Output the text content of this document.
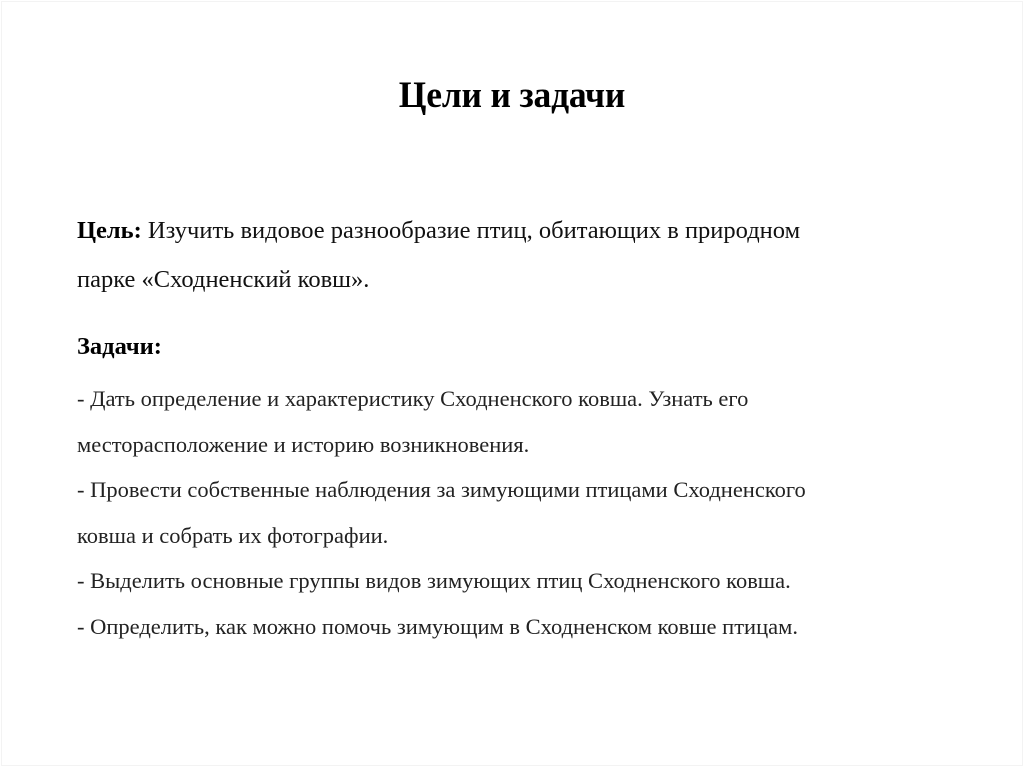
Цели и задачи

Цель: Изучить видовое разнообразие птиц, обитающих в природном
парке «Сходненский ковш».

Задачи:
- Дать определение и характеристику Сходненского ковша. Узнать его
месторасположение и историю возникновения.
- Провести собственные наблюдения за зимующими птицами Сходненского
ковша и собрать их фотографии.
- Выделить основные группы видов зимующих птиц Сходненского ковша.
- Определить, как можно помочь зимующим в Сходненском ковше птицам.
